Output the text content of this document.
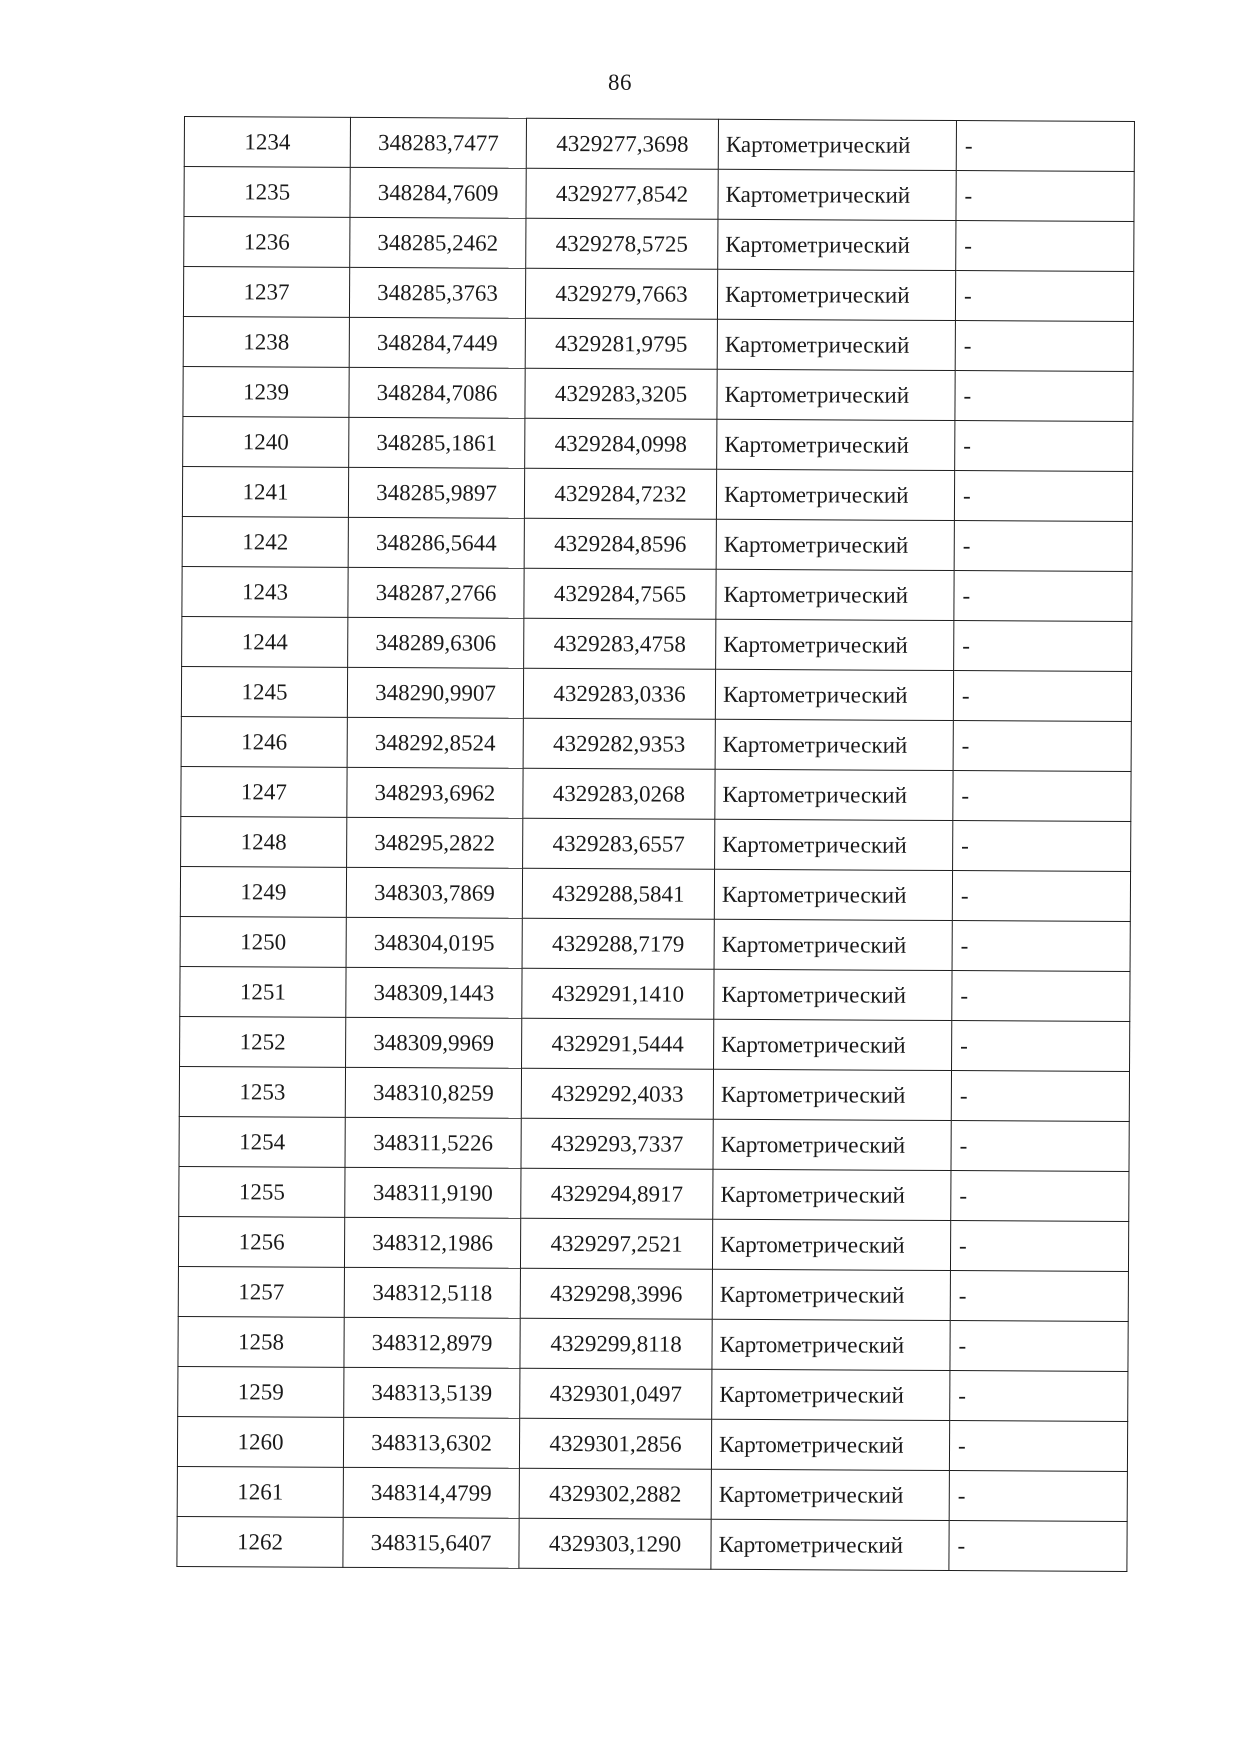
86
1234	348283,7477	4329277,3698	Картометрический	-
1235	348284,7609	4329277,8542	Картометрический	-
1236	348285,2462	4329278,5725	Картометрический	-
1237	348285,3763	4329279,7663	Картометрический	-
1238	348284,7449	4329281,9795	Картометрический	-
1239	348284,7086	4329283,3205	Картометрический	-
1240	348285,1861	4329284,0998	Картометрический	-
1241	348285,9897	4329284,7232	Картометрический	-
1242	348286,5644	4329284,8596	Картометрический	-
1243	348287,2766	4329284,7565	Картометрический	-
1244	348289,6306	4329283,4758	Картометрический	-
1245	348290,9907	4329283,0336	Картометрический	-
1246	348292,8524	4329282,9353	Картометрический	-
1247	348293,6962	4329283,0268	Картометрический	-
1248	348295,2822	4329283,6557	Картометрический	-
1249	348303,7869	4329288,5841	Картометрический	-
1250	348304,0195	4329288,7179	Картометрический	-
1251	348309,1443	4329291,1410	Картометрический	-
1252	348309,9969	4329291,5444	Картометрический	-
1253	348310,8259	4329292,4033	Картометрический	-
1254	348311,5226	4329293,7337	Картометрический	-
1255	348311,9190	4329294,8917	Картометрический	-
1256	348312,1986	4329297,2521	Картометрический	-
1257	348312,5118	4329298,3996	Картометрический	-
1258	348312,8979	4329299,8118	Картометрический	-
1259	348313,5139	4329301,0497	Картометрический	-
1260	348313,6302	4329301,2856	Картометрический	-
1261	348314,4799	4329302,2882	Картометрический	-
1262	348315,6407	4329303,1290	Картометрический	-
